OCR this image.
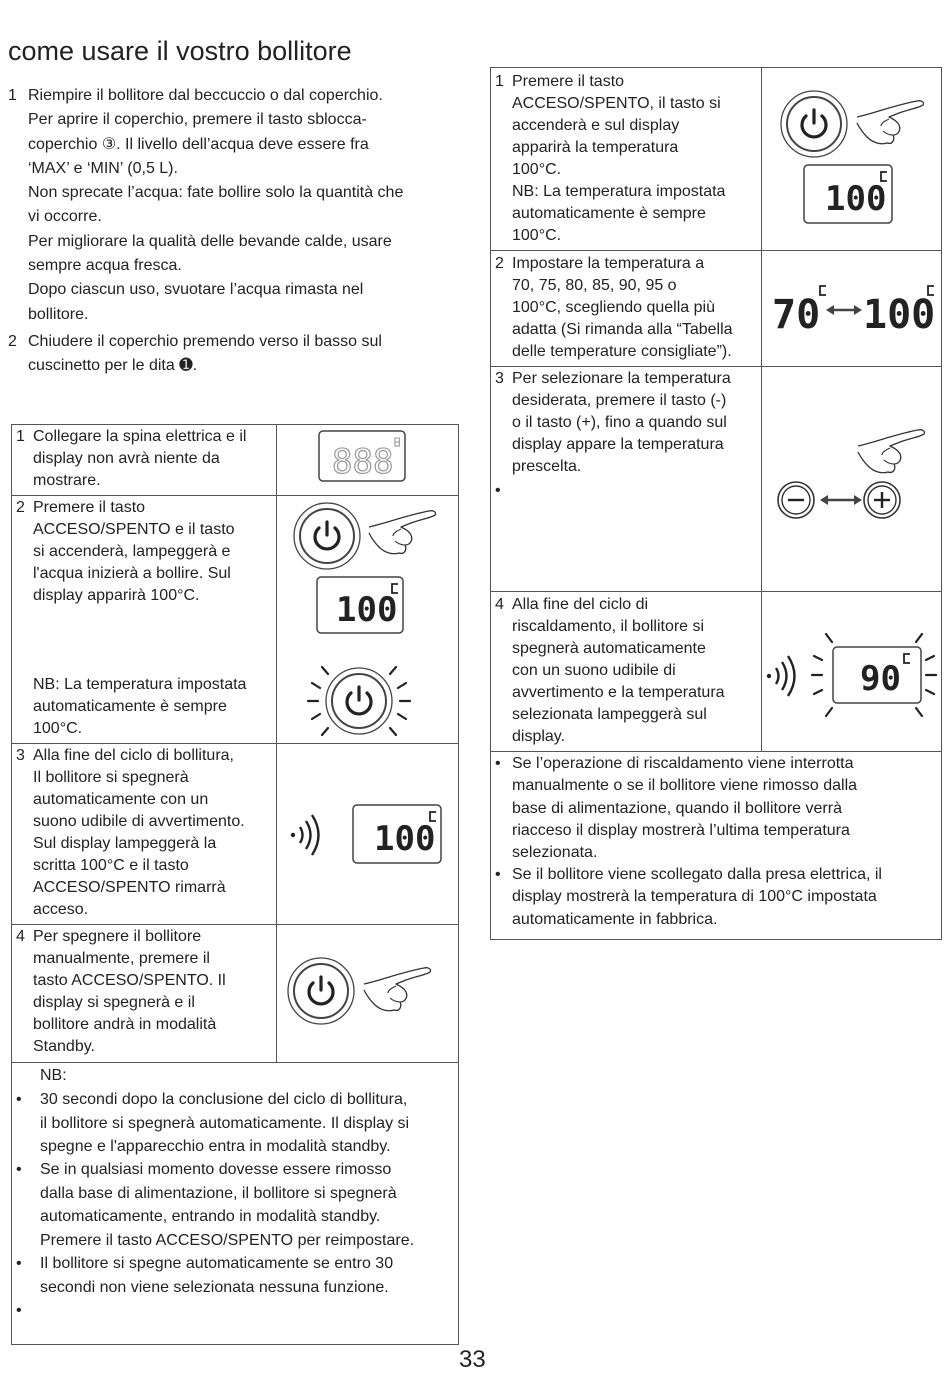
come usare il vostro bollitore
1 Riempire il bollitore dal beccuccio o dal coperchio.
Per aprire il coperchio, premere il tasto sblocca-
coperchio ③. Il livello dell’acqua deve essere fra
‘MAX’ e ‘MIN’ (0,5 L).
Non sprecate l’acqua: fate bollire solo la quantità che
vi occorre.
Per migliorare la qualità delle bevande calde, usare
sempre acqua fresca.
Dopo ciascun uso, svuotare l’acqua rimasta nel
bollitore.
2 Chiudere il coperchio premendo verso il basso sul
cuscinetto per le dita ➊.
1 Collegare la spina elettrica e il
display non avrà niente da
mostrare.	888
2 Premere il tasto
ACCESO/SPENTO e il tasto
si accenderà, lampeggerà e
l'acqua inizierà a bollire. Sul
display apparirà 100°C.
NB: La temperatura impostata
automaticamente è sempre
100°C.
100
3 Alla fine del ciclo di bollitura,
Il bollitore si spegnerà
automaticamente con un
suono udibile di avvertimento.
Sul display lampeggerà la
scritta 100°C e il tasto
ACCESO/SPENTO rimarrà
acceso.
100
4 Per spegnere il bollitore
manualmente, premere il
tasto ACCESO/SPENTO. Il
display si spegnerà e il
bollitore andrà in modalità
Standby.
NB:
• 30 secondi dopo la conclusione del ciclo di bollitura,
il bollitore si spegnerà automaticamente. Il display si
spegne e l'apparecchio entra in modalità standby.
• Se in qualsiasi momento dovesse essere rimosso
dalla base di alimentazione, il bollitore si spegnerà
automaticamente, entrando in modalità standby.
Premere il tasto ACCESO/SPENTO per reimpostare.
• Il bollitore si spegne automaticamente se entro 30
secondi non viene selezionata nessuna funzione.
•
1 Premere il tasto
ACCESO/SPENTO, il tasto si
accenderà e sul display
apparirà la temperatura
100°C.
NB: La temperatura impostata
automaticamente è sempre
100°C.
100
2 Impostare la temperatura a
70, 75, 80, 85, 90, 95 o
100°C, scegliendo quella più
adatta (Si rimanda alla “Tabella
delle temperature consigliate”).
70 100
3 Per selezionare la temperatura
desiderata, premere il tasto (-)
o il tasto (+), fino a quando sul
display appare la temperatura
prescelta.
•
4 Alla fine del ciclo di
riscaldamento, il bollitore si
spegnerà automaticamente
con un suono udibile di
avvertimento e la temperatura
selezionata lampeggerà sul
display.
90
• Se l’operazione di riscaldamento viene interrotta
manualmente o se il bollitore viene rimosso dalla
base di alimentazione, quando il bollitore verrà
riacceso il display mostrerà l’ultima temperatura
selezionata.
• Se il bollitore viene scollegato dalla presa elettrica, il
display mostrerà la temperatura di 100°C impostata
automaticamente in fabbrica.
33
